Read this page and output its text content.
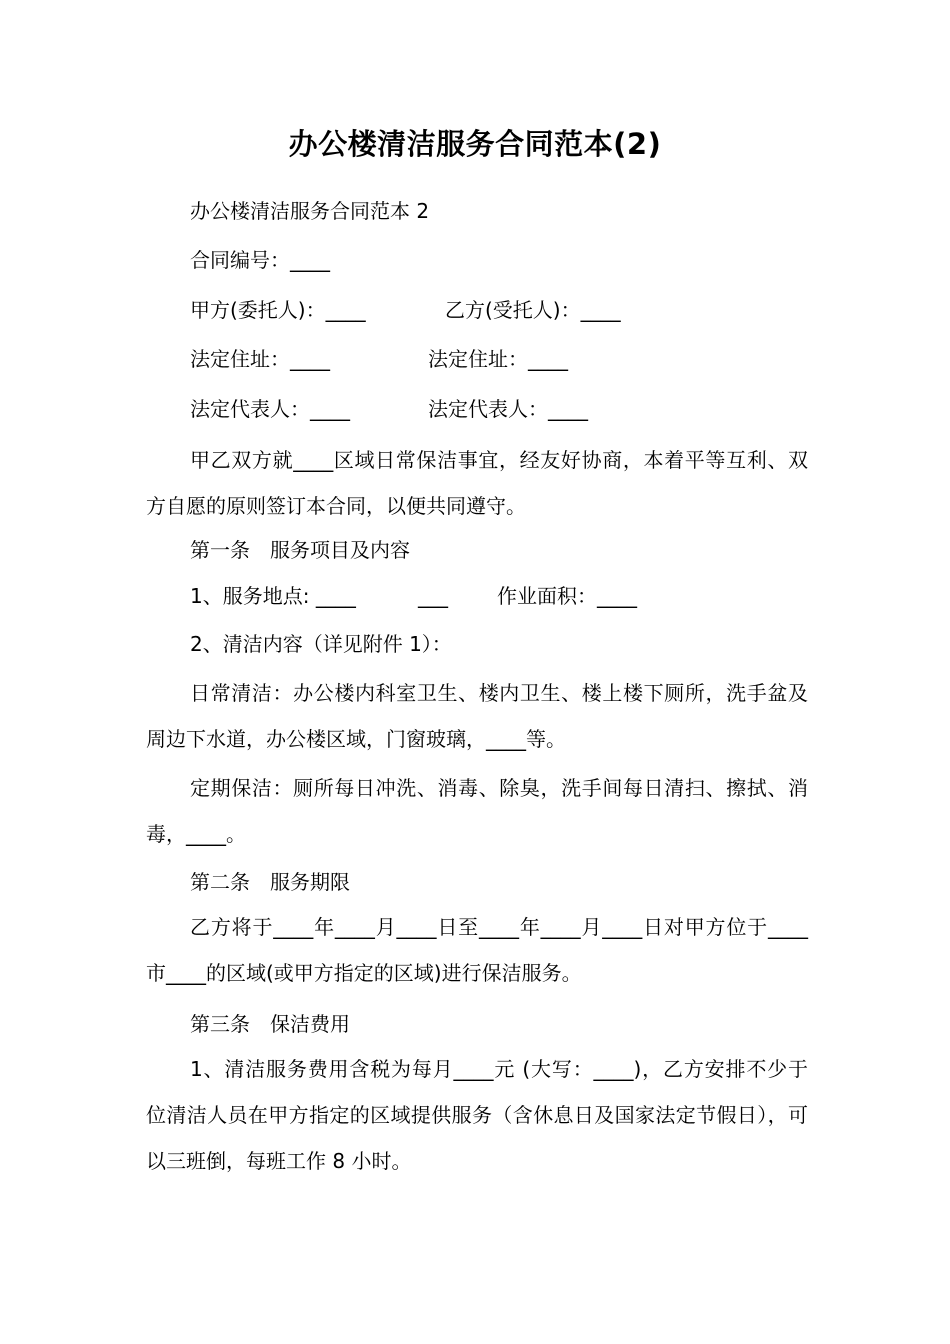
办公楼清洁服务合同范本(2)
办公楼清洁服务合同范本 2
合同编号：____
甲方(委托人)：____	乙方(受托人)：____
法定住址：____	法定住址：____
法定代表人：____	法定代表人：____
甲乙双方就____区域日常保洁事宜，经友好协商，本着平等互利、双方自愿的原则签订本合同，以便共同遵守。
第一条　服务项目及内容
1、服务地点: ____	___ 作业面积：____
2、清洁内容（详见附件 1）：
日常清洁：办公楼内科室卫生、楼内卫生、楼上楼下厕所，洗手盆及周边下水道，办公楼区域，门窗玻璃，____等。
定期保洁：厕所每日冲洗、消毒、除臭，洗手间每日清扫、擦拭、消毒，____。
第二条　服务期限
乙方将于____年____月____日至____年____月____日对甲方位于____市____的区域(或甲方指定的区域)进行保洁服务。
第三条　保洁费用
1、清洁服务费用含税为每月____元 (大写：____)，乙方安排不少于　 位清洁人员在甲方指定的区域提供服务（含休息日及国家法定节假日），可以三班倒，每班工作 8 小时。
